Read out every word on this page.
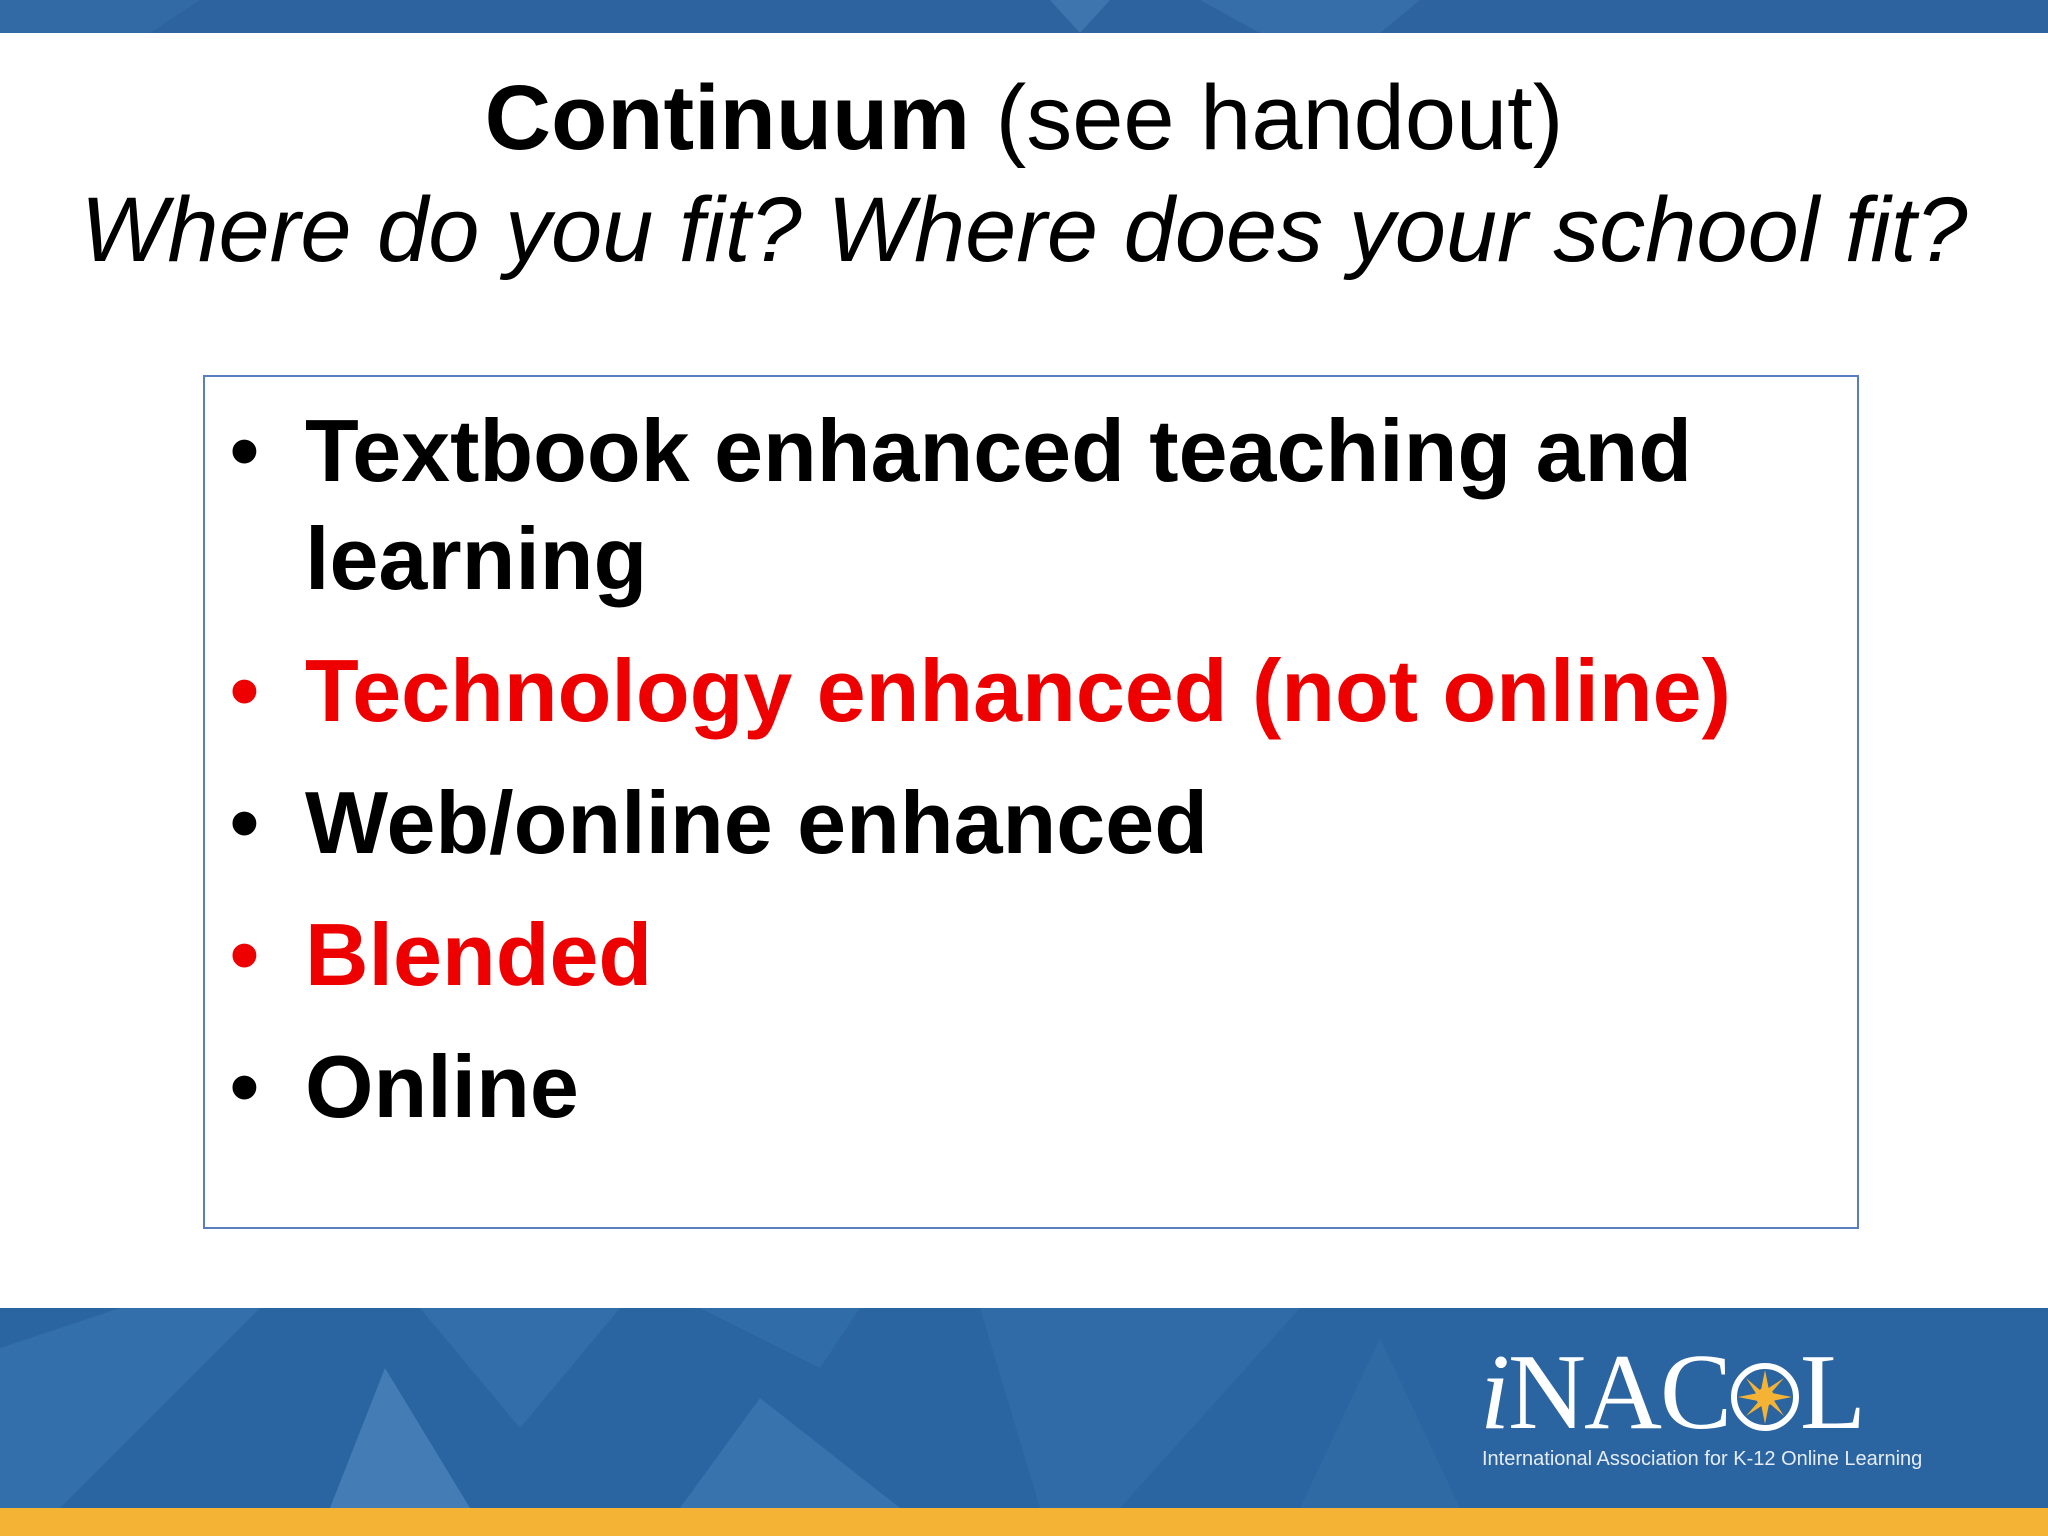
Continuum (see handout)
Where do you fit? Where does your school fit?
• Textbook enhanced teaching and learning
• Technology enhanced (not online)
• Web/online enhanced
• Blended
• Online
iNAC L
International Association for K-12 Online Learning
